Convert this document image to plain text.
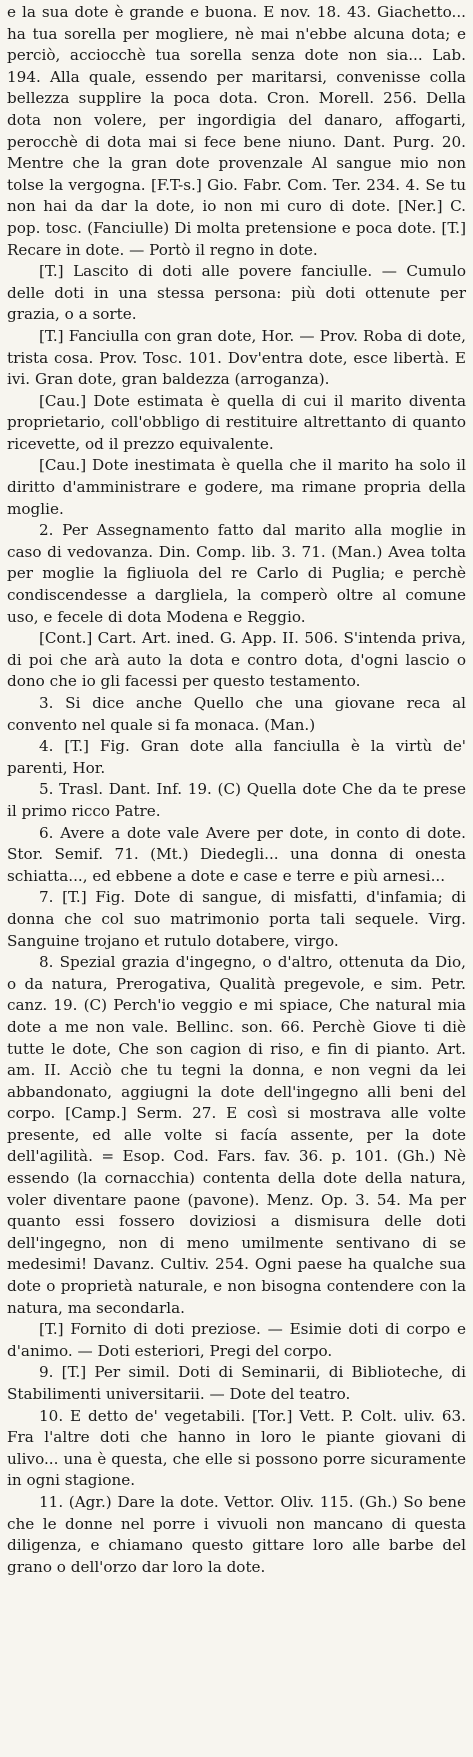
e la sua dote è grande e buona. E nov. 18. 43. Giachetto... ha tua sorella per mogliere, nè mai n'ebbe alcuna dota; e perciò, acciocchè tua sorella senza dote non sia... Lab. 194. Alla quale, essendo per maritarsi, convenisse colla bellezza supplire la poca dota. Cron. Morell. 256. Della dota non volere, per ingordigia del danaro, affogarti, perocchè di dota mai si fece bene niuno. Dant. Purg. 20. Mentre che la gran dote provenzale Al sangue mio non tolse la vergogna. [F.T-s.] Gio. Fabr. Com. Ter. 234. 4. Se tu non hai da dar la dote, io non mi curo di dote. [Ner.] C. pop. tosc. (Fanciulle) Di molta pretensione e poca dote. [T.] Recare in dote. — Portò il regno in dote.

[T.] Lascito di doti alle povere fanciulle. — Cumulo delle doti in una stessa persona: più doti ottenute per grazia, o a sorte.

[T.] Fanciulla con gran dote, Hor. — Prov. Roba di dote, trista cosa. Prov. Tosc. 101. Dov'entra dote, esce libertà. E ivi. Gran dote, gran baldezza (arroganza).

[Cau.] Dote estimata è quella di cui il marito diventa proprietario, coll'obbligo di restituire altrettanto di quanto ricevette, od il prezzo equivalente.

[Cau.] Dote inestimata è quella che il marito ha solo il diritto d'amministrare e godere, ma rimane propria della moglie.

2. Per Assegnamento fatto dal marito alla moglie in caso di vedovanza. Din. Comp. lib. 3. 71. (Man.) Avea tolta per moglie la figliuola del re Carlo di Puglia; e perchè condiscendesse a dargliela, la comperò oltre al comune uso, e fecele di dota Modena e Reggio.

[Cont.] Cart. Art. ined. G. App. II. 506. S'intenda priva, di poi che arà auto la dota e contro dota, d'ogni lascio o dono che io gli facessi per questo testamento.

3. Si dice anche Quello che una giovane reca al convento nel quale si fa monaca. (Man.)

4. [T.] Fig. Gran dote alla fanciulla è la virtù de' parenti, Hor.

5. Trasl. Dant. Inf. 19. (C) Quella dote Che da te prese il primo ricco Patre.

6. Avere a dote vale Avere per dote, in conto di dote. Stor. Semif. 71. (Mt.) Diedegli... una donna di onesta schiatta..., ed ebbene a dote e case e terre e più arnesi...

7. [T.] Fig. Dote di sangue, di misfatti, d'infamia; di donna che col suo matrimonio porta tali sequele. Virg. Sanguine trojano et rutulo dotabere, virgo.

8. Spezial grazia d'ingegno, o d'altro, ottenuta da Dio, o da natura, Prerogativa, Qualità pregevole, e sim. Petr. canz. 19. (C) Perch'io veggio e mi spiace, Che natural mia dote a me non vale. Bellinc. son. 66. Perchè Giove ti diè tutte le dote, Che son cagion di riso, e fin di pianto. Art. am. II. Acciò che tu tegni la donna, e non vegni da lei abbandonato, aggiugni la dote dell'ingegno alli beni del corpo. [Camp.] Serm. 27. E così si mostrava alle volte presente, ed alle volte si facía assente, per la dote dell'agilità. = Esop. Cod. Fars. fav. 36. p. 101. (Gh.) Nè essendo (la cornacchia) contenta della dote della natura, voler diventare paone (pavone). Menz. Op. 3. 54. Ma per quanto essi fossero doviziosi a dismisura delle doti dell'ingegno, non di meno umilmente sentivano di se medesimi! Davanz. Cultiv. 254. Ogni paese ha qualche sua dote o proprietà naturale, e non bisogna contendere con la natura, ma secondarla.

[T.] Fornito di doti preziose. — Esimie doti di corpo e d'animo. — Doti esteriori, Pregi del corpo.

9. [T.] Per simil. Doti di Seminarii, di Biblioteche, di Stabilimenti universitarii. — Dote del teatro.

10. E detto de' vegetabili. [Tor.] Vett. P. Colt. uliv. 63. Fra l'altre doti che hanno in loro le piante giovani di ulivo... una è questa, che elle si possono porre sicuramente in ogni stagione.

11. (Agr.) Dare la dote. Vettor. Oliv. 115. (Gh.) So bene che le donne nel porre i vivuoli non mancano di questa diligenza, e chiamano questo gittare loro alle barbe del grano o dell'orzo dar loro la dote.
